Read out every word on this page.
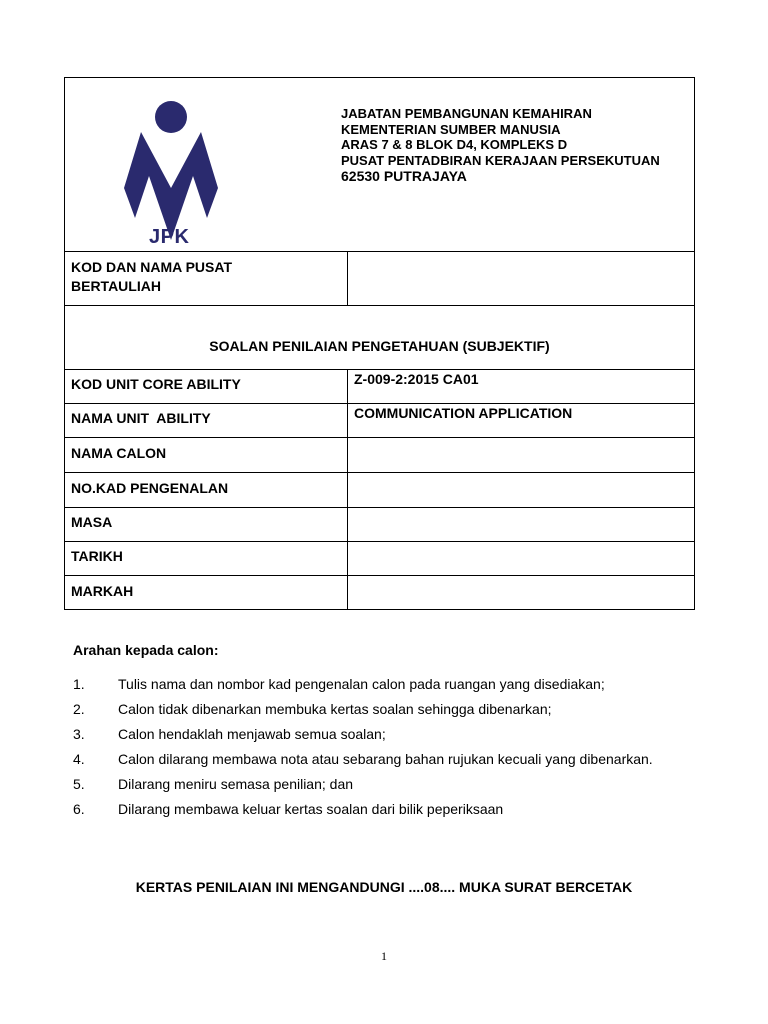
JPK
JABATAN PEMBANGUNAN KEMAHIRAN
KEMENTERIAN SUMBER MANUSIA
ARAS 7 & 8 BLOK D4, KOMPLEKS D
PUSAT PENTADBIRAN KERAJAAN PERSEKUTUAN
62530 PUTRAJAYA
KOD DAN NAMA PUSAT BERTAULIAH
SOALAN PENILAIAN PENGETAHUAN (SUBJEKTIF)
KOD UNIT CORE ABILITY	Z-009-2:2015 CA01
NAMA UNIT  ABILITY	COMMUNICATION APPLICATION
NAMA CALON
NO.KAD PENGENALAN
MASA
TARIKH
MARKAH
Arahan kepada calon:
1. Tulis nama dan nombor kad pengenalan calon pada ruangan yang disediakan;
2. Calon tidak dibenarkan membuka kertas soalan sehingga dibenarkan;
3. Calon hendaklah menjawab semua soalan;
4. Calon dilarang membawa nota atau sebarang bahan rujukan kecuali yang dibenarkan.
5. Dilarang meniru semasa penilian; dan
6. Dilarang membawa keluar kertas soalan dari bilik peperiksaan
KERTAS PENILAIAN INI MENGANDUNGI ....08.... MUKA SURAT BERCETAK
1
